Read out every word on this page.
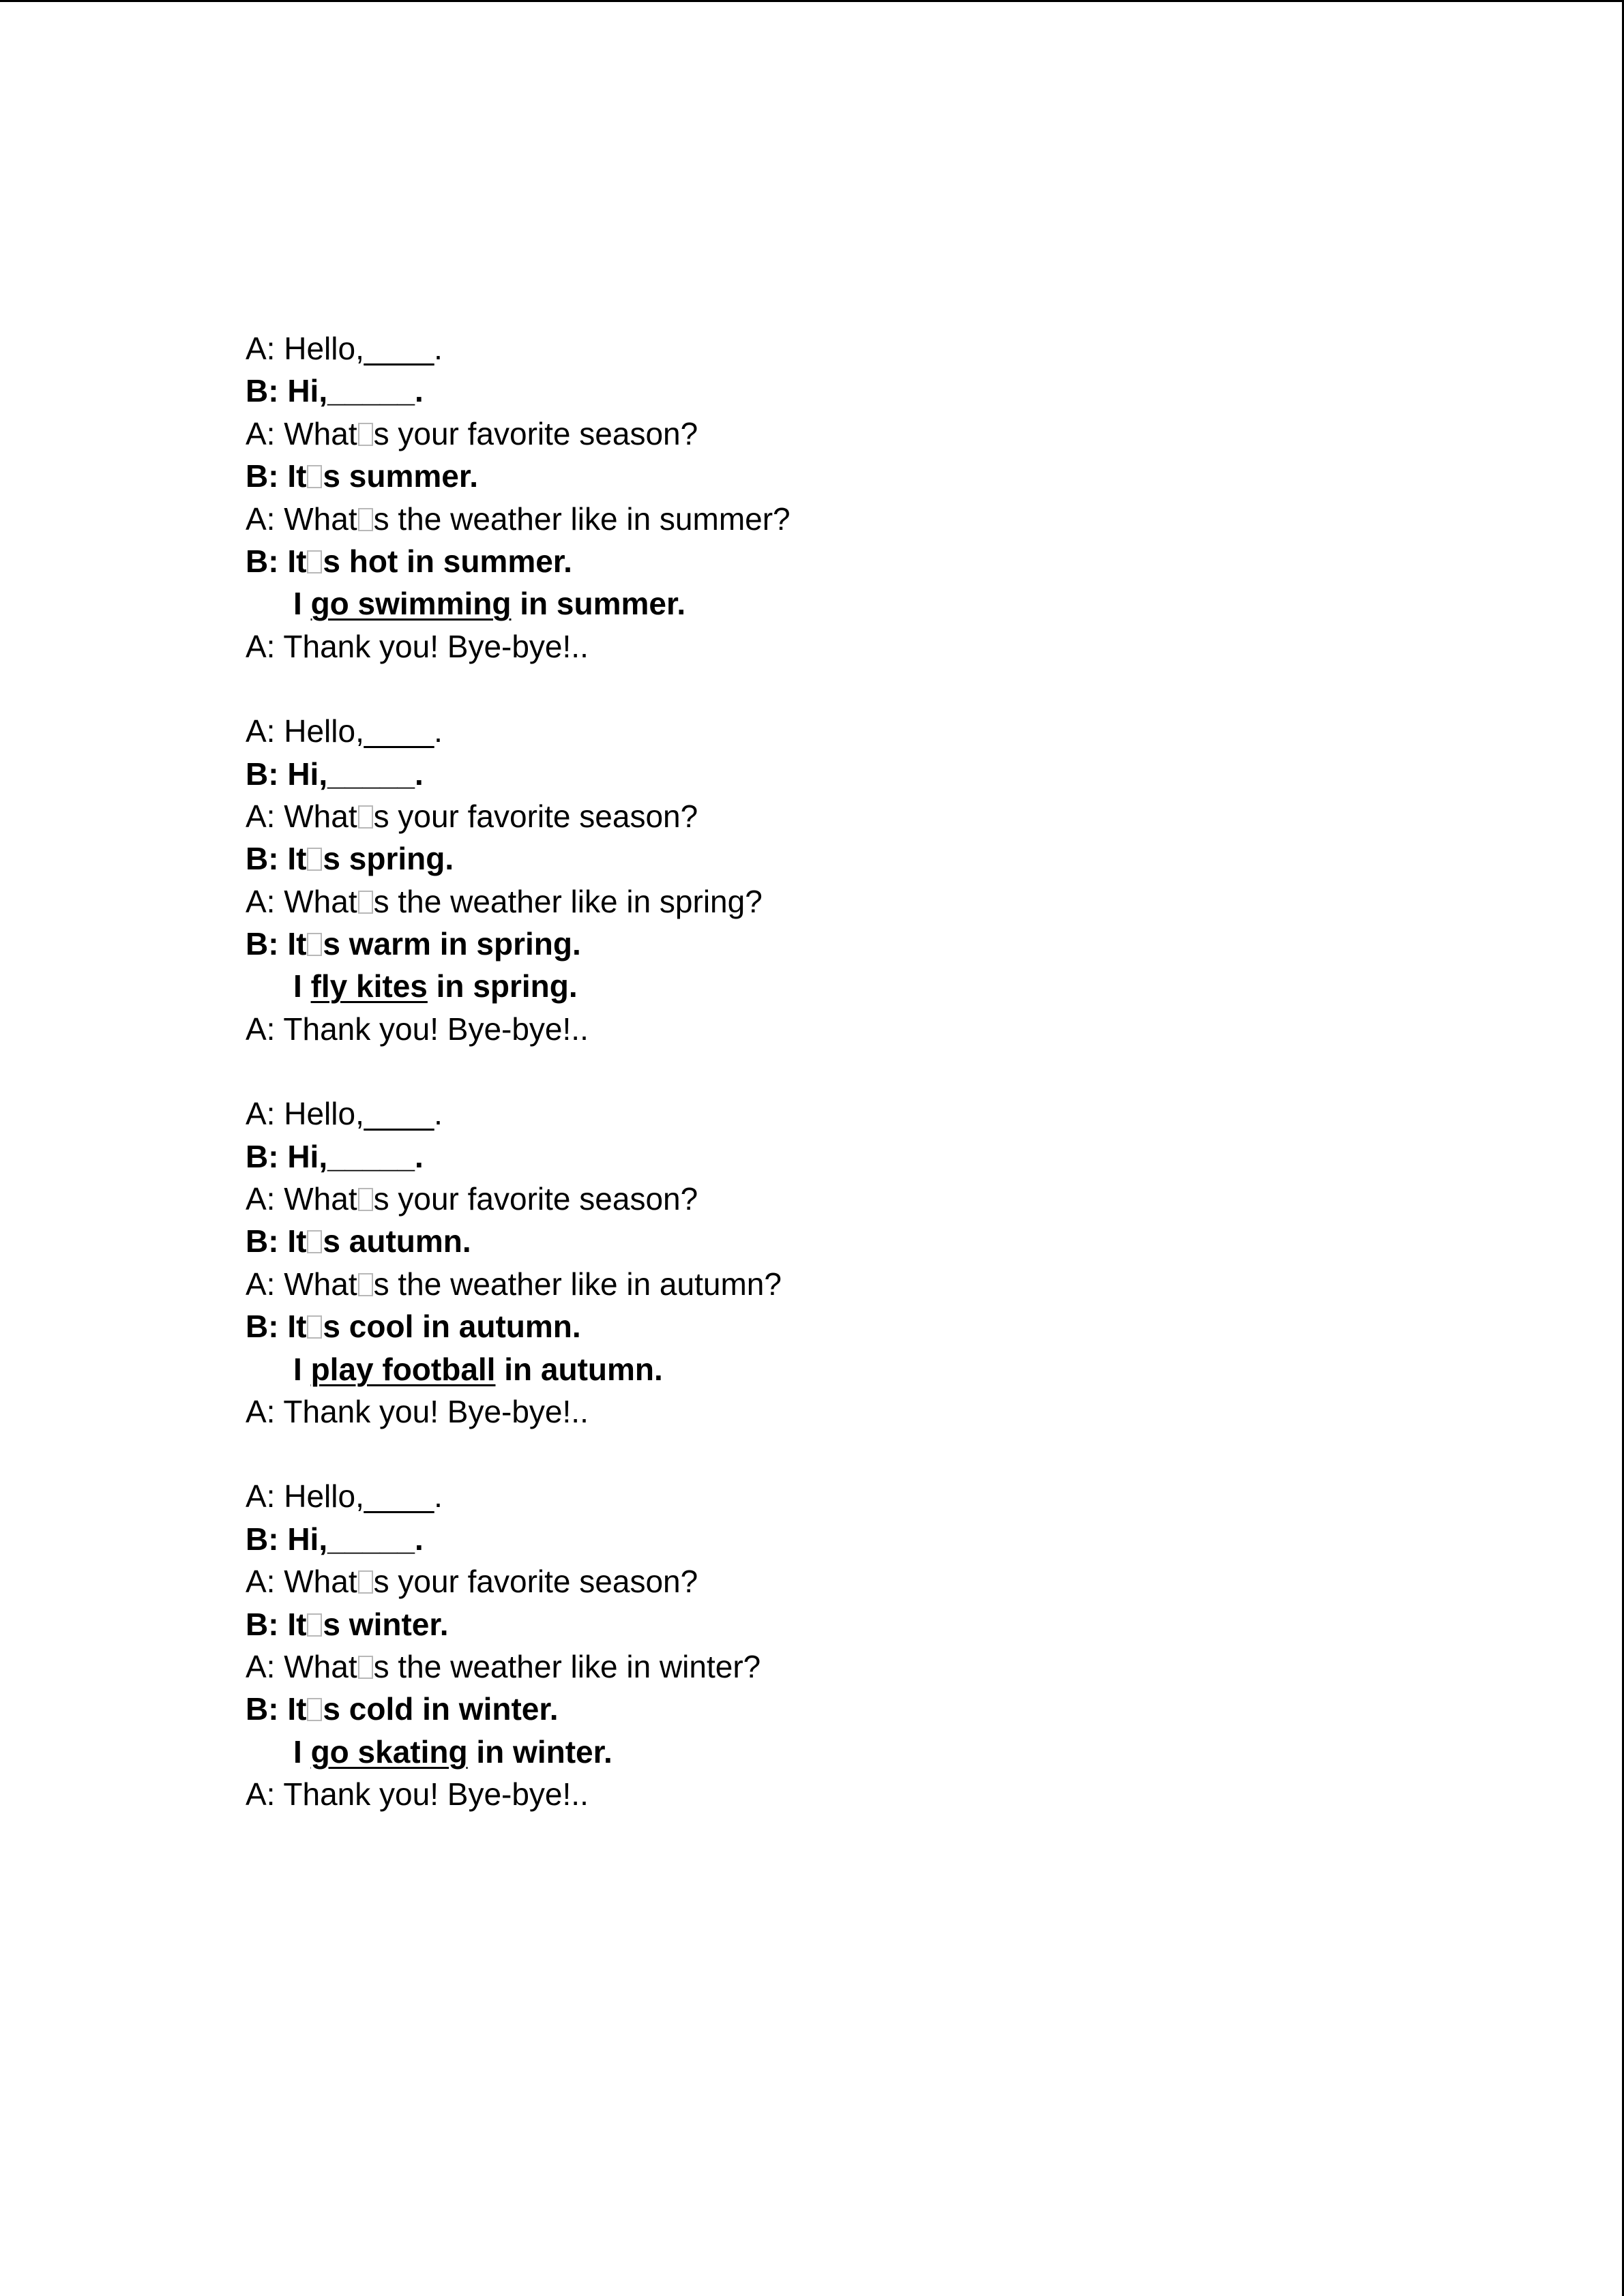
A: Hello,____.
B: Hi,_____.
A: What s your favorite season?
B: It s summer.
A: What s the weather like in summer?
B: It s hot in summer.
I go swimming in summer.
A: Thank you! Bye-bye!..
A: Hello,____.
B: Hi,_____.
A: What s your favorite season?
B: It s spring.
A: What s the weather like in spring?
B: It s warm in spring.
I fly kites in spring.
A: Thank you! Bye-bye!..
A: Hello,____.
B: Hi,_____.
A: What s your favorite season?
B: It s autumn.
A: What s the weather like in autumn?
B: It s cool in autumn.
I play football in autumn.
A: Thank you! Bye-bye!..
A: Hello,____.
B: Hi,_____.
A: What s your favorite season?
B: It s winter.
A: What s the weather like in winter?
B: It s cold in winter.
I go skating in winter.
A: Thank you! Bye-bye!..
